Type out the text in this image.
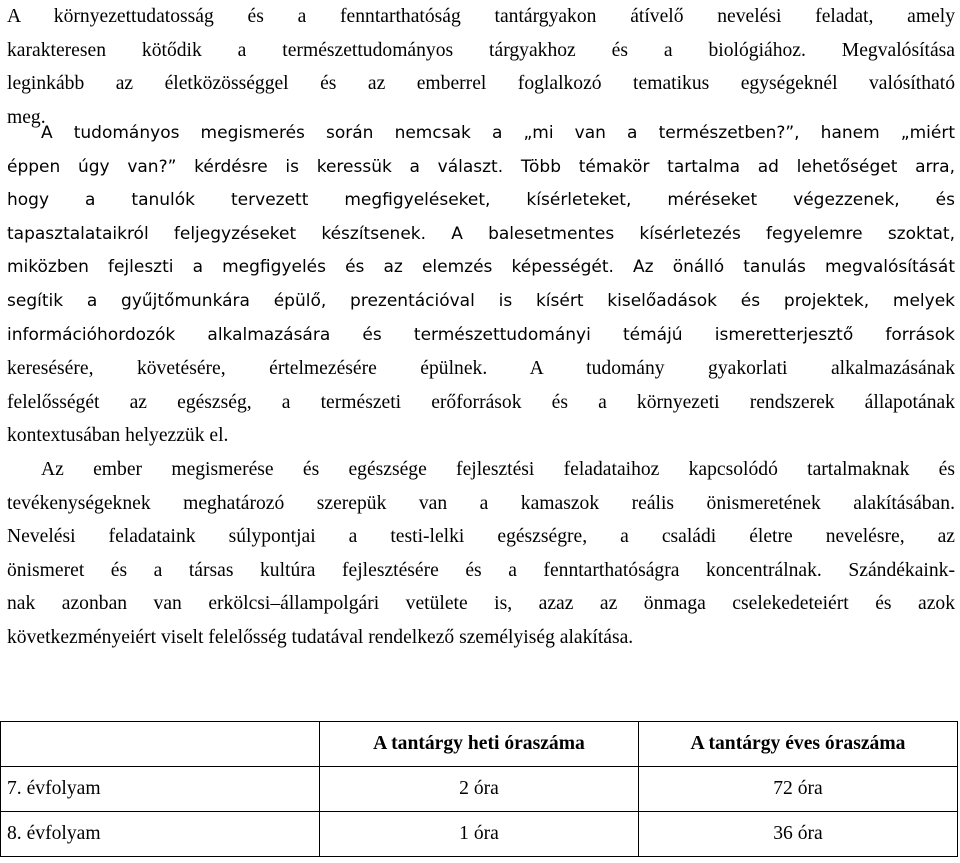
A környezettudatosság és a fenntarthatóság tantárgyakon átívelő nevelési feladat, amely
karakteresen kötődik a természettudományos tárgyakhoz és a biológiához. Megvalósítása
leginkább az életközösséggel és az emberrel foglalkozó tematikus egységeknél valósítható
meg.
A tudományos megismerés során nemcsak a „mi van a természetben?”, hanem „miért
éppen úgy van?” kérdésre is keressük a választ. Több témakör tartalma ad lehetőséget arra,
hogy a tanulók tervezett megfigyeléseket, kísérleteket, méréseket végezzenek, és
tapasztalataikról feljegyzéseket készítsenek. A balesetmentes kísérletezés fegyelemre szoktat,
miközben fejleszti a megfigyelés és az elemzés képességét. Az önálló tanulás megvalósítását
segítik a gyűjtőmunkára épülő, prezentációval is kísért kiselőadások és projektek, melyek
információhordozók alkalmazására és természettudományi témájú ismeretterjesztő források
keresésére, követésére, értelmezésére épülnek. A tudomány gyakorlati alkalmazásának
felelősségét az egészség, a természeti erőforrások és a környezeti rendszerek állapotának
kontextusában helyezzük el.
Az ember megismerése és egészsége fejlesztési feladataihoz kapcsolódó tartalmaknak és
tevékenységeknek meghatározó szerepük van a kamaszok reális önismeretének alakításában.
Nevelési feladataink súlypontjai a testi-lelki egészségre, a családi életre nevelésre, az
önismeret és a társas kultúra fejlesztésére és a fenntarthatóságra koncentrálnak. Szándékaink-
nak azonban van erkölcsi–állampolgári vetülete is, azaz az önmaga cselekedeteiért és azok
következményeiért viselt felelősség tudatával rendelkező személyiség alakítása.
	A tantárgy heti óraszáma	A tantárgy éves óraszáma
7. évfolyam	2 óra	72 óra
8. évfolyam	1 óra	36 óra
